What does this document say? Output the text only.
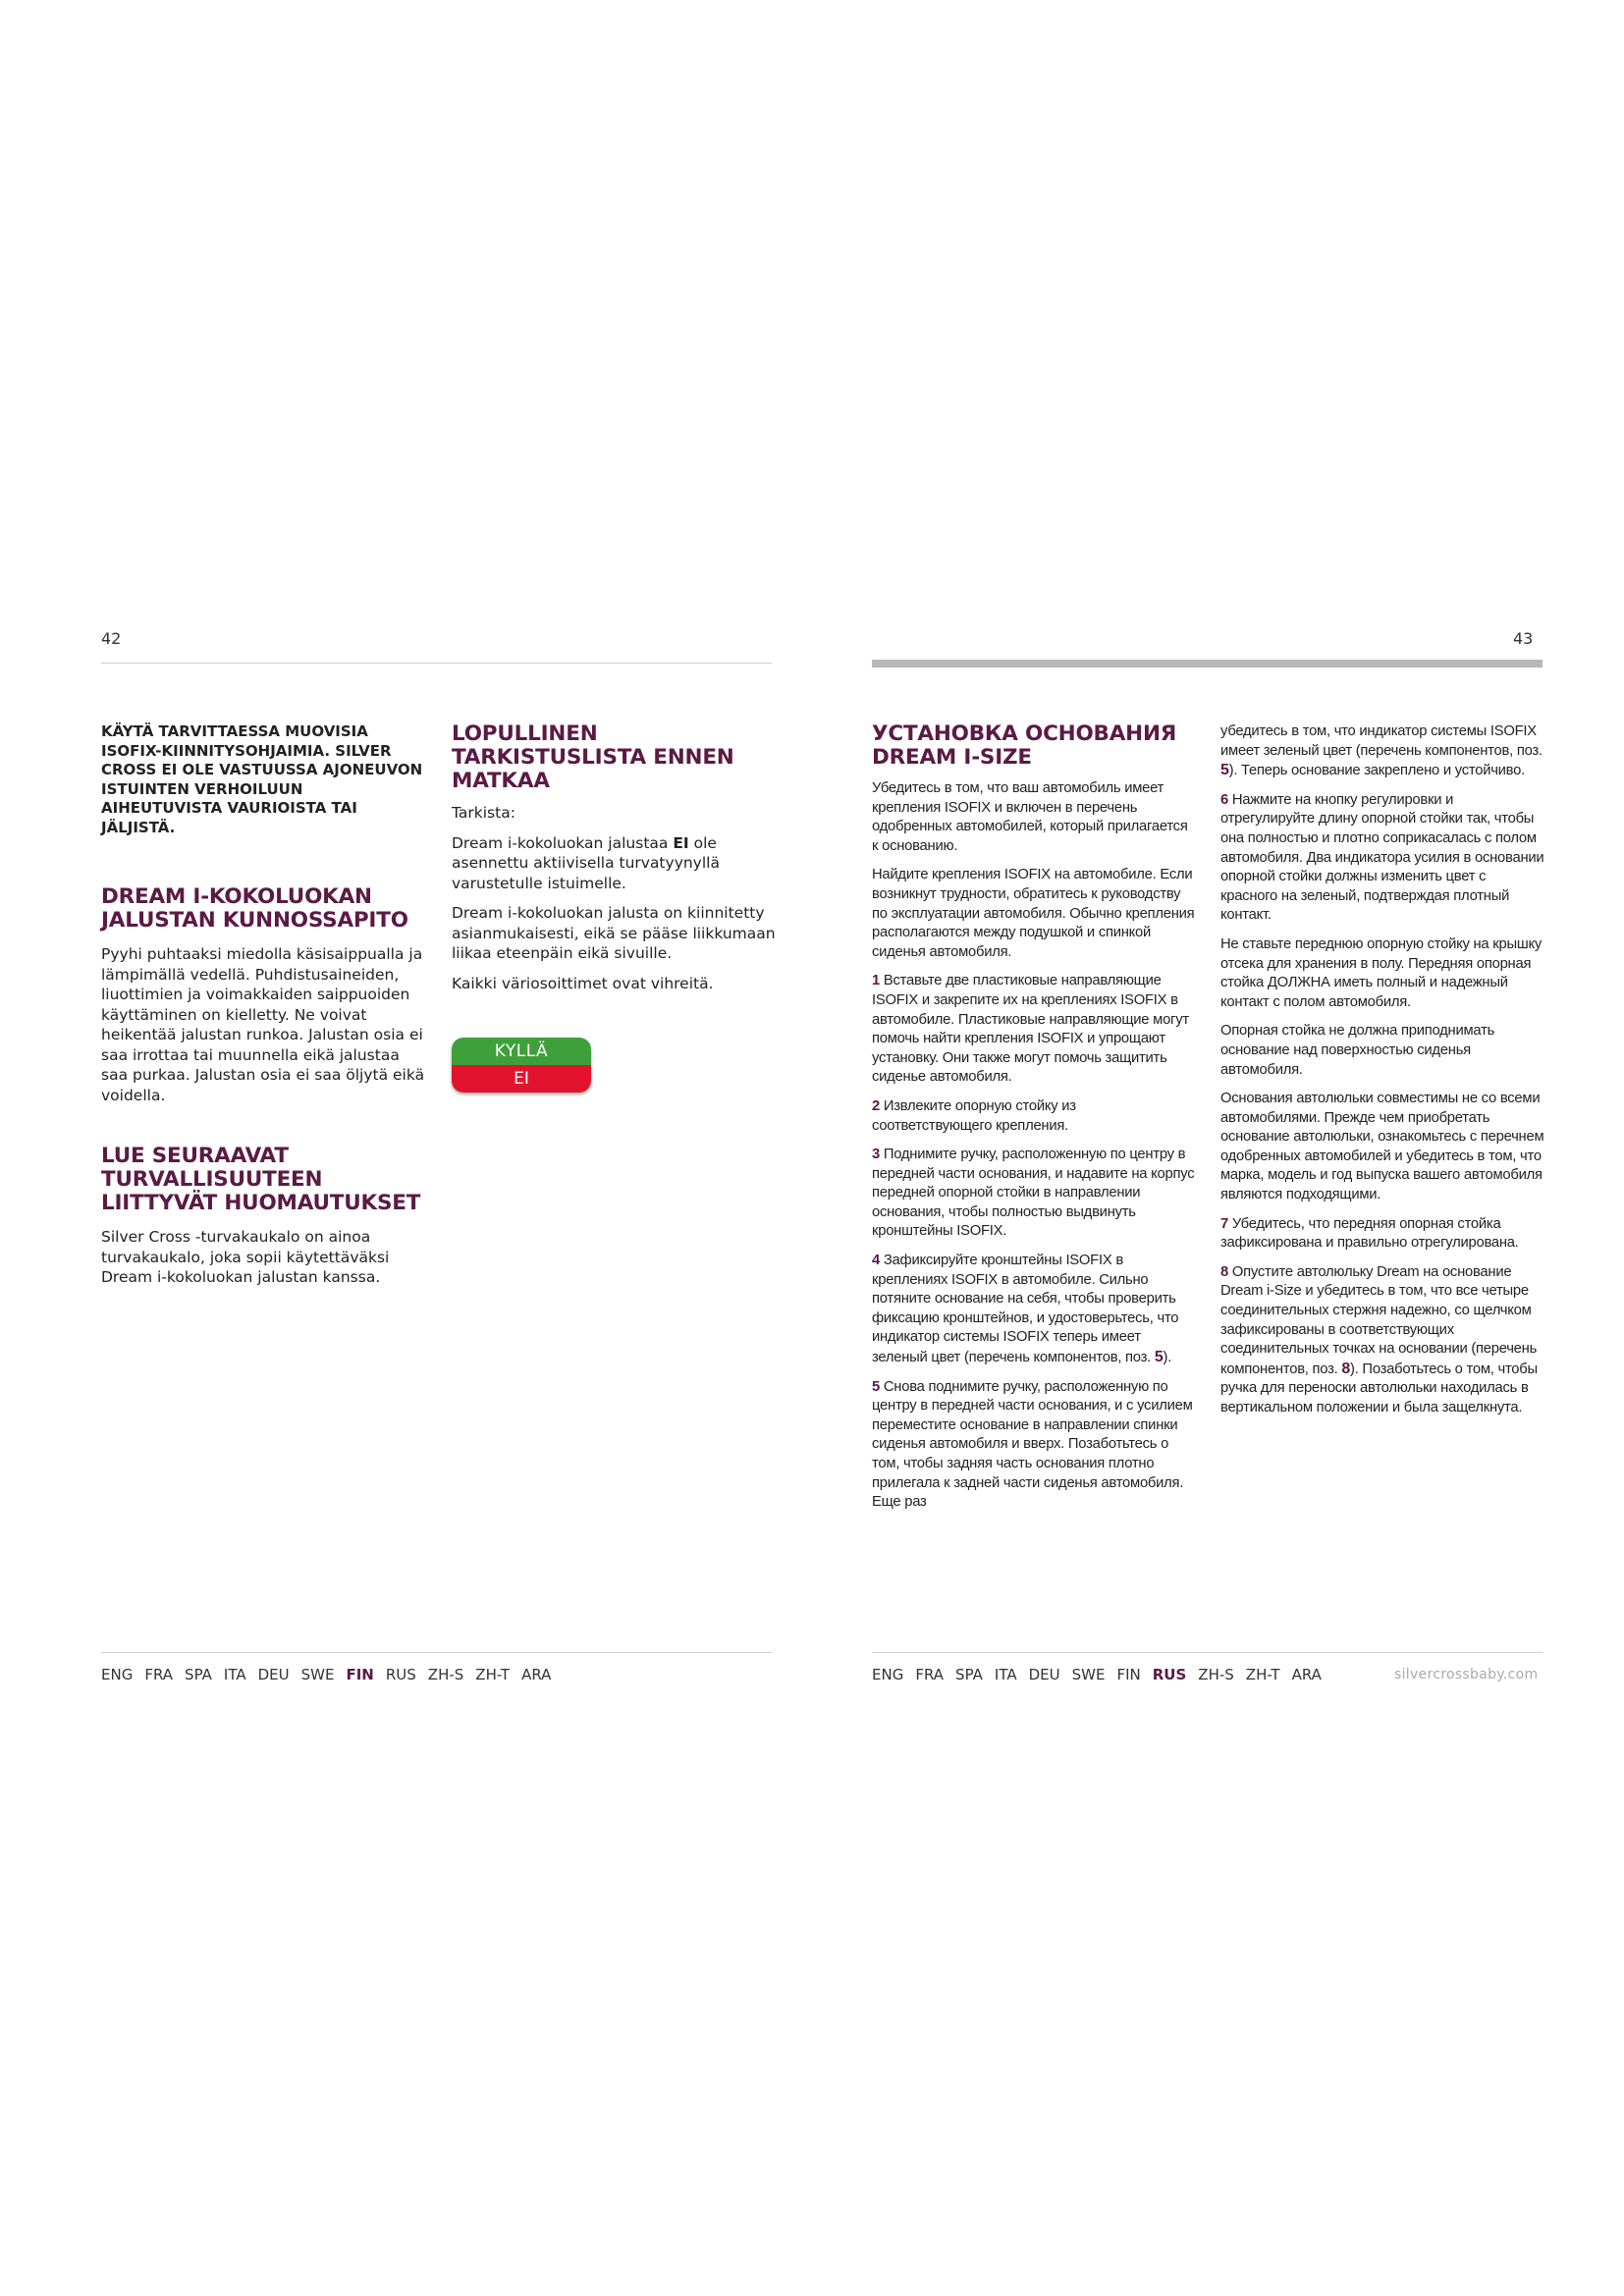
42

KÄYTÄ TARVITTAESSA MUOVISIA ISOFIX-KIINNITYSOHJAIMIA. SILVER CROSS EI OLE VASTUUSSA AJONEUVON ISTUINTEN VERHOILUUN AIHEUTUVISTA VAURIOISTA TAI JÄLJISTÄ.

DREAM I-KOKOLUOKAN JALUSTAN KUNNOSSAPITO

Pyyhi puhtaaksi miedolla käsisaippualla ja lämpimällä vedellä. Puhdistusaineiden, liuottimien ja voimakkaiden saippuoiden käyttäminen on kielletty. Ne voivat heikentää jalustan runkoa. Jalustan osia ei saa irrottaa tai muunnella eikä jalustaa saa purkaa. Jalustan osia ei saa öljytä eikä voidella.

LUE SEURAAVAT TURVALLISUUTEEN LIITTYVÄT HUOMAUTUKSET

Silver Cross -turvakaukalo on ainoa turvakaukalo, joka sopii käytettäväksi Dream i-kokoluokan jalustan kanssa.

LOPULLINEN TARKISTUSLISTA ENNEN MATKAA

Tarkista:

Dream i-kokoluokan jalustaa EI ole asennettu aktiivisella turvatyynyllä varustetulle istuimelle.

Dream i-kokoluokan jalusta on kiinnitetty asianmukaisesti, eikä se pääse liikkumaan liikaa eteenpäin eikä sivuille.

Kaikki väriosoittimet ovat vihreitä.

KYLLÄ
EI
ENG FRA SPA ITA DEU SWE FIN RUS ZH-S ZH-T ARA
43
УСТАНОВКА ОСНОВАНИЯ DREAM I-SIZE

Убедитесь в том, что ваш автомобиль имеет крепления ISOFIX и включен в перечень одобренных автомобилей, который прилагается к основанию.

Найдите крепления ISOFIX на автомобиле. Если возникнут трудности, обратитесь к руководству по эксплуатации автомобиля. Обычно крепления располагаются между подушкой и спинкой сиденья автомобиля.

1 Вставьте две пластиковые направляющие ISOFIX и закрепите их на креплениях ISOFIX в автомобиле. Пластиковые направляющие могут помочь найти крепления ISOFIX и упрощают установку. Они также могут помочь защитить сиденье автомобиля.

2 Извлеките опорную стойку из соответствующего крепления.

3 Поднимите ручку, расположенную по центру в передней части основания, и надавите на корпус передней опорной стойки в направлении основания, чтобы полностью выдвинуть кронштейны ISOFIX.

4 Зафиксируйте кронштейны ISOFIX в креплениях ISOFIX в автомобиле. Сильно потяните основание на себя, чтобы проверить фиксацию кронштейнов, и удостоверьтесь, что индикатор системы ISOFIX теперь имеет зеленый цвет (перечень компонентов, поз. 5).

5 Снова поднимите ручку, расположенную по центру в передней части основания, и с усилием переместите основание в направлении спинки сиденья автомобиля и вверх. Позаботьтесь о том, чтобы задняя часть основания плотно прилегала к задней части сиденья автомобиля. Еще раз

убедитесь в том, что индикатор системы ISOFIX имеет зеленый цвет (перечень компонентов, поз. 5). Теперь основание закреплено и устойчиво.

6 Нажмите на кнопку регулировки и отрегулируйте длину опорной стойки так, чтобы она полностью и плотно соприкасалась с полом автомобиля. Два индикатора усилия в основании опорной стойки должны изменить цвет с красного на зеленый, подтверждая плотный контакт.

Не ставьте переднюю опорную стойку на крышку отсека для хранения в полу. Передняя опорная стойка ДОЛЖНА иметь полный и надежный контакт с полом автомобиля.

Опорная стойка не должна приподнимать основание над поверхностью сиденья автомобиля.

Основания автолюльки совместимы не со всеми автомобилями. Прежде чем приобретать основание автолюльки, ознакомьтесь с перечнем одобренных автомобилей и убедитесь в том, что марка, модель и год выпуска вашего автомобиля являются подходящими.

7 Убедитесь, что передняя опорная стойка зафиксирована и правильно отрегулирована.

8 Опустите автолюльку Dream на основание Dream i-Size и убедитесь в том, что все четыре соединительных стержня надежно, со щелчком зафиксированы в соответствующих соединительных точках на основании (перечень компонентов, поз. 8). Позаботьтесь о том, чтобы ручка для переноски автолюльки находилась в вертикальном положении и была защелкнута.

ENG FRA SPA ITA DEU SWE FIN RUS ZH-S ZH-T ARA	silvercrossbaby.com
